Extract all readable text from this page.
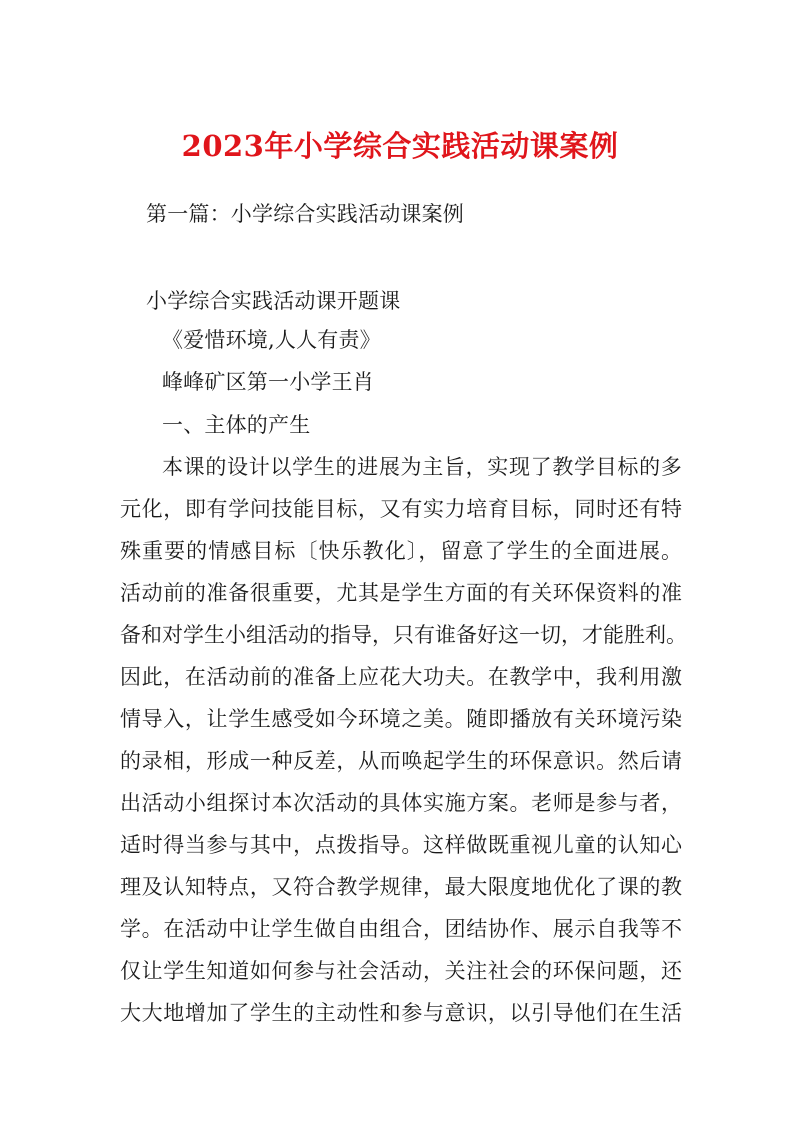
2023年小学综合实践活动课案例
第一篇：小学综合实践活动课案例
小学综合实践活动课开题课
《爱惜环境,人人有责》
峰峰矿区第一小学王肖
一、主体的产生
本课的设计以学生的进展为主旨，实现了教学目标的多
元化，即有学问技能目标，又有实力培育目标，同时还有特
殊重要的情感目标〔快乐教化〕，留意了学生的全面进展。
活动前的准备很重要，尤其是学生方面的有关环保资料的准
备和对学生小组活动的指导，只有谁备好这一切，才能胜利。
因此，在活动前的准备上应花大功夫。在教学中，我利用激
情导入，让学生感受如今环境之美。随即播放有关环境污染
的录相，形成一种反差，从而唤起学生的环保意识。然后请
出活动小组探讨本次活动的具体实施方案。老师是参与者，
适时得当参与其中，点拨指导。这样做既重视儿童的认知心
理及认知特点，又符合教学规律，最大限度地优化了课的教
学。在活动中让学生做自由组合，团结协作、展示自我等不
仅让学生知道如何参与社会活动，关注社会的环保问题，还
大大地增加了学生的主动性和参与意识，以引导他们在生活
